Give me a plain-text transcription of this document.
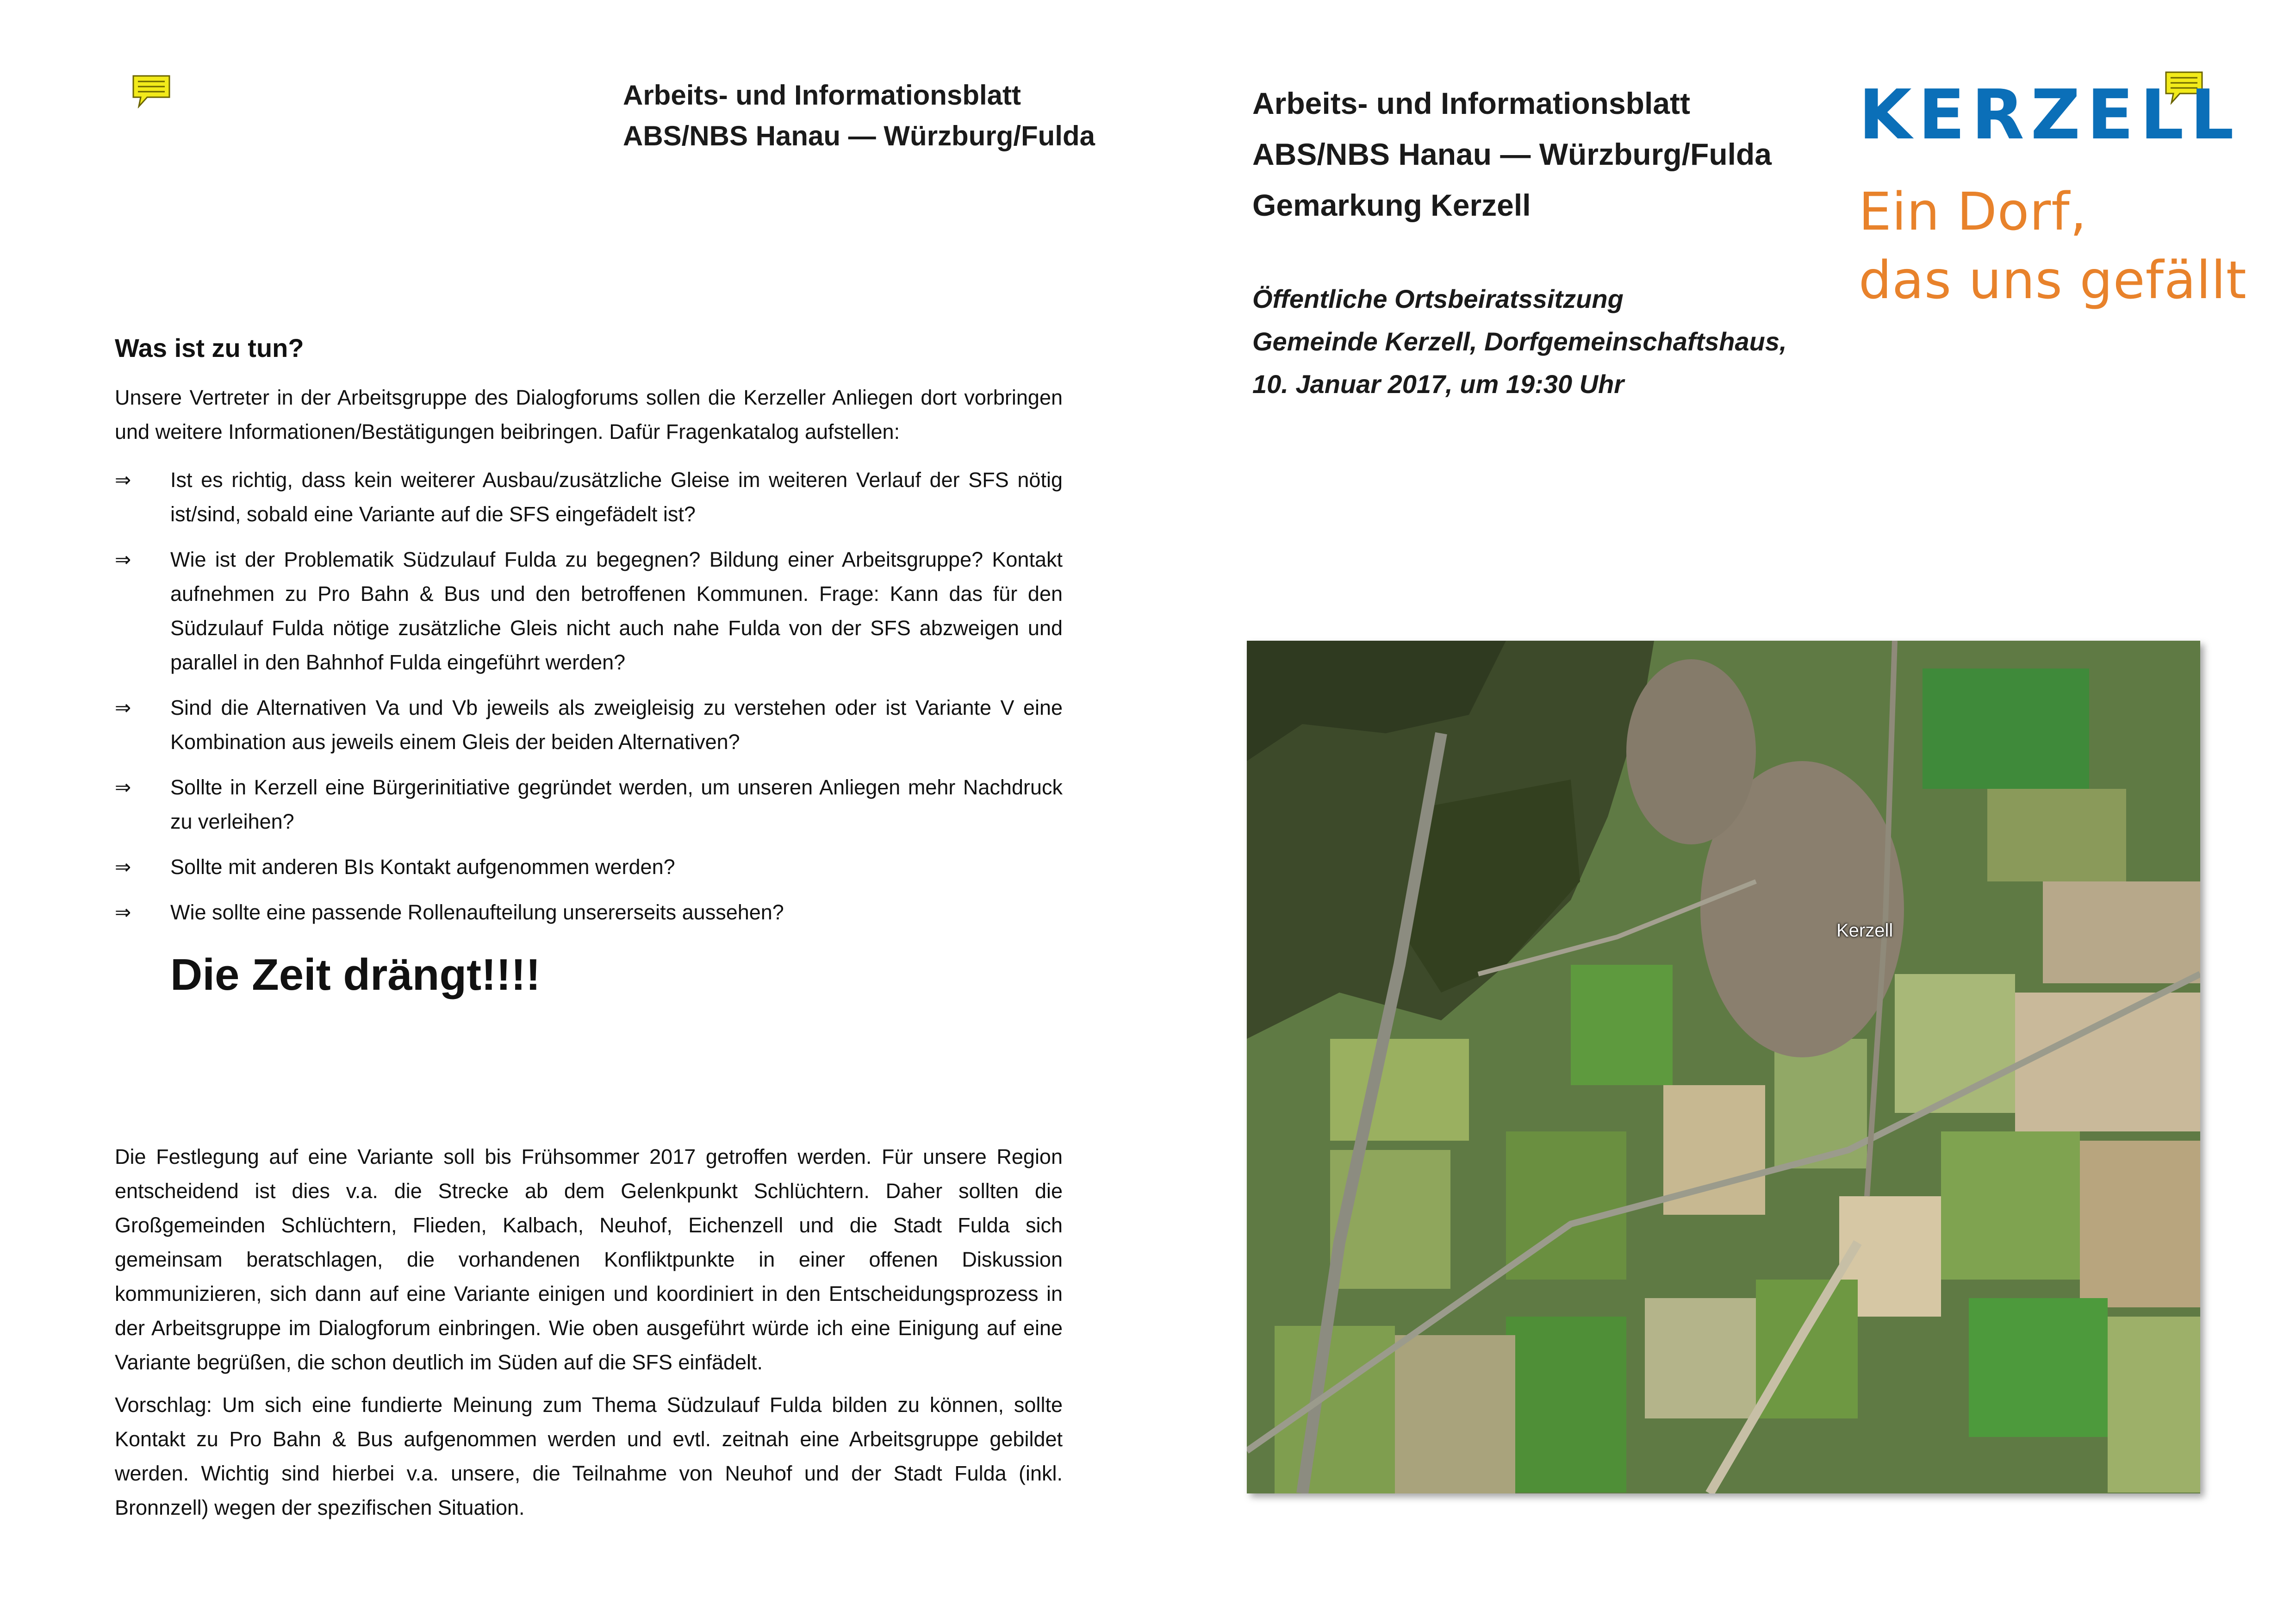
Arbeits- und Informationsblatt
ABS/NBS Hanau — Würzburg/Fulda
Was ist zu tun?
Unsere Vertreter in der Arbeitsgruppe des Dialogforums sollen die Kerzeller Anliegen dort vorbringen und weitere Informationen/Bestätigungen beibringen. Dafür Fragenkatalog aufstellen:
⇒ Ist es richtig, dass kein weiterer Ausbau/zusätzliche Gleise im weiteren Verlauf der SFS nötig ist/sind, sobald eine Variante auf die SFS eingefädelt ist?
⇒ Wie ist der Problematik Südzulauf Fulda zu begegnen? Bildung einer Arbeitsgruppe? Kontakt aufnehmen zu Pro Bahn & Bus und den betroffenen Kommunen. Frage: Kann das für den Südzulauf Fulda nötige zusätzliche Gleis nicht auch nahe Fulda von der SFS abzweigen und parallel in den Bahnhof Fulda eingeführt werden?
⇒ Sind die Alternativen Va und Vb jeweils als zweigleisig zu verstehen oder ist Variante V eine Kombination aus jeweils einem Gleis der beiden Alternativen?
⇒ Sollte in Kerzell eine Bürgerinitiative gegründet werden, um unseren Anliegen mehr Nachdruck zu verleihen?
⇒ Sollte mit anderen BIs Kontakt aufgenommen werden?
⇒ Wie sollte eine passende Rollenaufteilung unsererseits aussehen?
Die Zeit drängt!!!!

Die Festlegung auf eine Variante soll bis Frühsommer 2017 getroffen werden. Für unsere Region entscheidend ist dies v.a. die Strecke ab dem Gelenkpunkt Schlüchtern. Daher sollten die Großgemeinden Schlüchtern, Flieden, Kalbach, Neuhof, Eichenzell und die Stadt Fulda sich gemeinsam beratschlagen, die vorhandenen Konfliktpunkte in einer offenen Diskussion kommunizieren, sich dann auf eine Variante einigen und koordiniert in den Entscheidungsprozess in der Arbeitsgruppe im Dialogforum einbringen. Wie oben ausgeführt würde ich eine Einigung auf eine Variante begrüßen, die schon deutlich im Süden auf die SFS einfädelt.

Vorschlag: Um sich eine fundierte Meinung zum Thema Südzulauf Fulda bilden zu können, sollte Kontakt zu Pro Bahn & Bus aufgenommen werden und evtl. zeitnah eine Arbeitsgruppe gebildet werden. Wichtig sind hierbei v.a. unsere, die Teilnahme von Neuhof und der Stadt Fulda (inkl. Bronnzell) wegen der spezifischen Situation.

Arbeits- und Informationsblatt
ABS/NBS Hanau — Würzburg/Fulda
Gemarkung Kerzell
Öffentliche Ortsbeiratssitzung
Gemeinde Kerzell, Dorfgemeinschaftshaus,
10. Januar 2017, um 19:30 Uhr
KERZELL
Ein Dorf,
das uns gefällt
Kerzell
